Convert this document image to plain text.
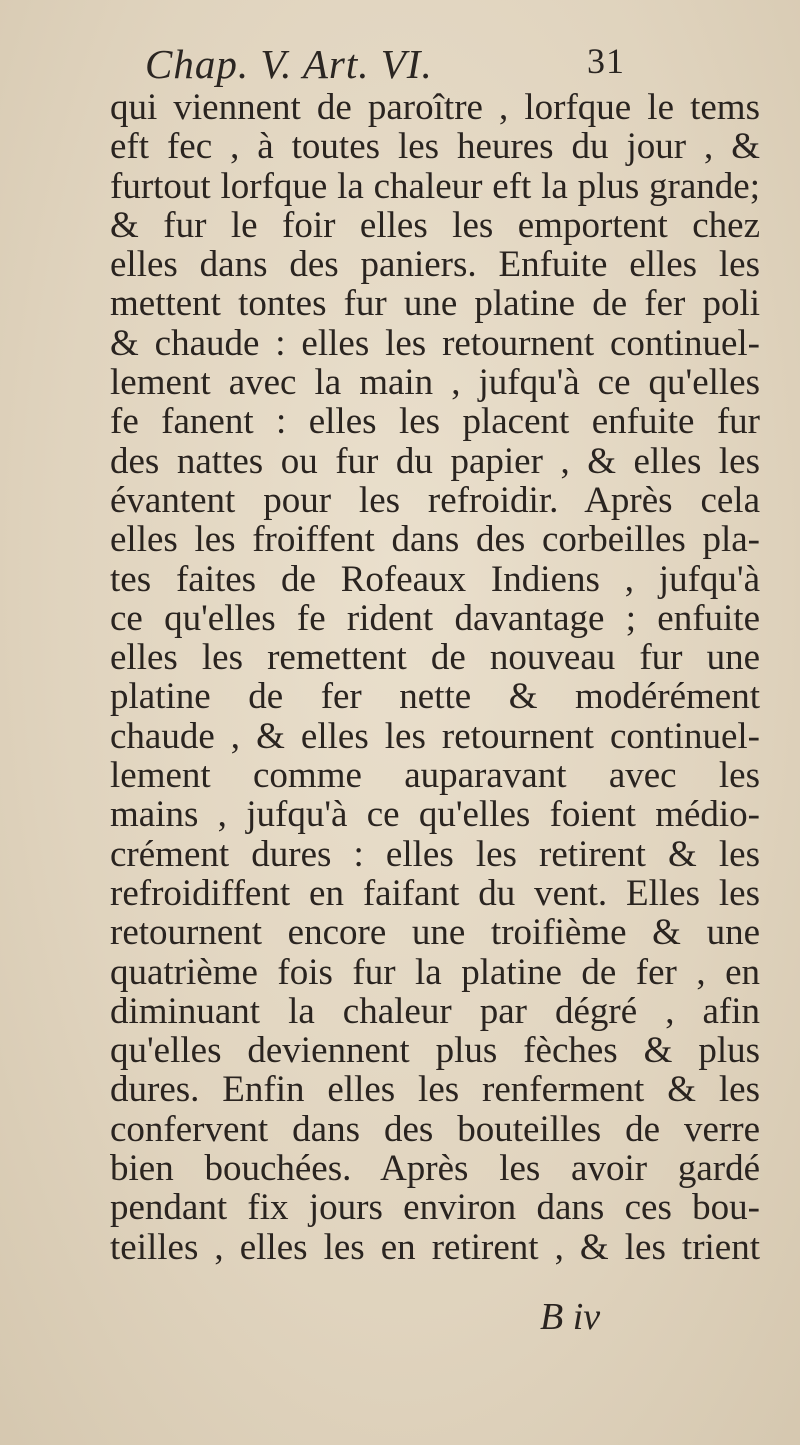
Chap. V. Art. VI.	31
qui viennent de paroître , lorfque le tems
eft fec , à toutes les heures du jour , &
furtout lorfque la chaleur eft la plus grande;
& fur le foir elles les emportent chez
elles dans des paniers. Enfuite elles les
mettent tontes fur une platine de fer poli
& chaude : elles les retournent continuel-
lement avec la main , jufqu'à ce qu'elles
fe fanent : elles les placent enfuite fur
des nattes ou fur du papier , & elles les
évantent pour les refroidir. Après cela
elles les froiffent dans des corbeilles pla-
tes faites de Rofeaux Indiens , jufqu'à
ce qu'elles fe rident davantage ; enfuite
elles les remettent de nouveau fur une
platine de fer nette & modérément
chaude , & elles les retournent continuel-
lement comme auparavant avec les
mains , jufqu'à ce qu'elles foient médio-
crément dures : elles les retirent & les
refroidiffent en faifant du vent. Elles les
retournent encore une troifième & une
quatrième fois fur la platine de fer , en
diminuant la chaleur par dégré , afin
qu'elles deviennent plus fèches & plus
dures. Enfin elles les renferment & les
confervent dans des bouteilles de verre
bien bouchées. Après les avoir gardé
pendant fix jours environ dans ces bou-
teilles , elles les en retirent , & les trient
B iv
